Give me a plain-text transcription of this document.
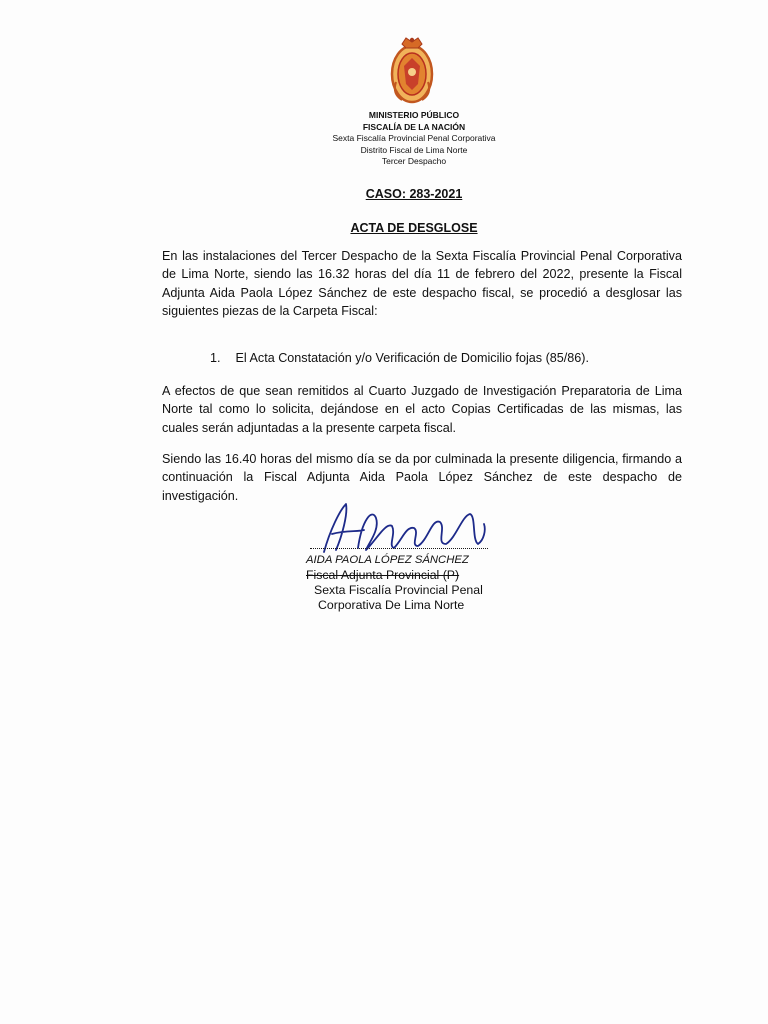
MINISTERIO PÚBLICO
FISCALÍA DE LA NACIÓN
Sexta Fiscalía Provincial Penal Corporativa
Distrito Fiscal de Lima Norte
Tercer Despacho
CASO: 283-2021
ACTA DE DESGLOSE
En las instalaciones del Tercer Despacho de la Sexta Fiscalía Provincial Penal Corporativa de Lima Norte, siendo las 16.32 horas del día 11 de febrero del 2022, presente la Fiscal Adjunta Aida Paola López Sánchez de este despacho fiscal, se procedió a desglosar las siguientes piezas de la Carpeta Fiscal:
1. El Acta Constatación y/o Verificación de Domicilio fojas (85/86).
A efectos de que sean remitidos al Cuarto Juzgado de Investigación Preparatoria de Lima Norte tal como lo solicita, dejándose en el acto Copias Certificadas de las mismas, las cuales serán adjuntadas a la presente carpeta fiscal.
Siendo las 16.40 horas del mismo día se da por culminada la presente diligencia, firmando a continuación la Fiscal Adjunta Aida Paola López Sánchez de este despacho de investigación.
AIDA PAOLA LÓPEZ SÁNCHEZ
Fiscal Adjunta Provincial (P)
Sexta Fiscalía Provincial Penal
Corporativa De Lima Norte
